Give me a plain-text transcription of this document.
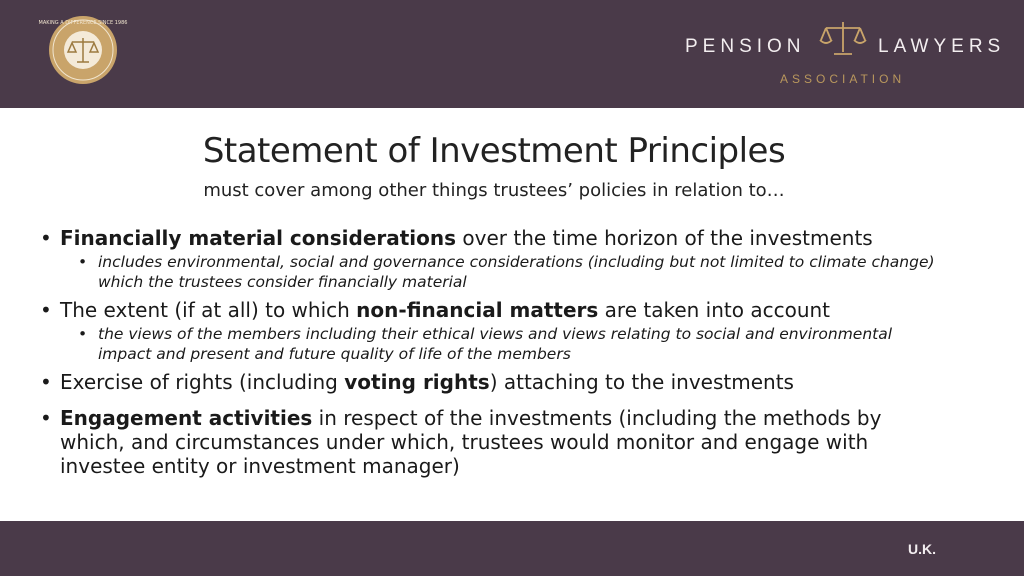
MAKING A DIFFERENCE SINCE 1986
PENSION	LAWYERS
ASSOCIATION
Statement of Investment Principles
must cover among other things trustees’ policies in relation to…
• Financially material considerations over the time horizon of the investments
• includes environmental, social and governance considerations (including but not limited to climate change) which the trustees consider financially material
• The extent (if at all) to which non-financial matters are taken into account
• the views of the members including their ethical views and views relating to social and environmental impact and present and future quality of life of the members
• Exercise of rights (including voting rights) attaching to the investments
• Engagement activities in respect of the investments (including the methods by which, and circumstances under which, trustees would monitor and engage with investee entity or investment manager)
U.K.
